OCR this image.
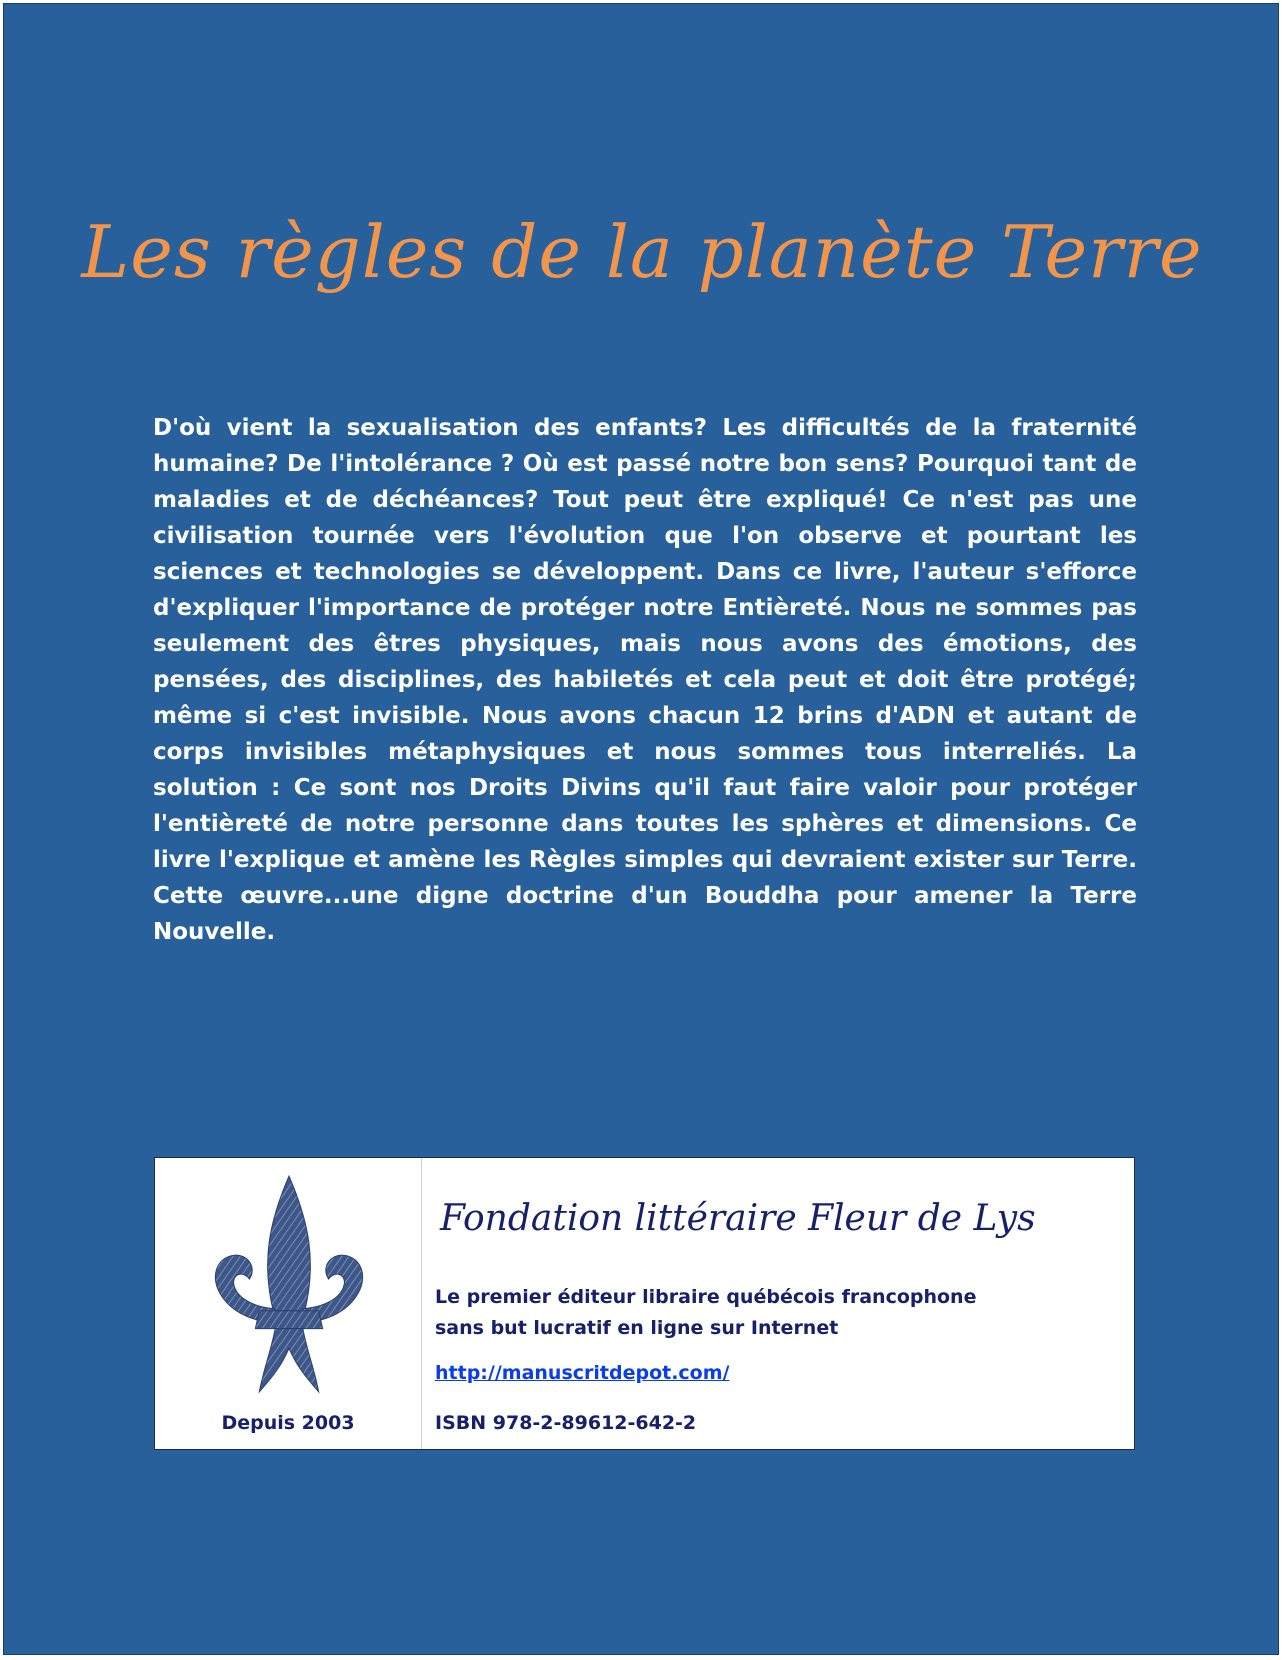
Les règles de la planète Terre

D'où vient la sexualisation des enfants? Les difficultés de la fraternité humaine? De l'intolérance ? Où est passé notre bon sens? Pourquoi tant de maladies et de déchéances? Tout peut être expliqué! Ce n'est pas une civilisation tournée vers l'évolution que l'on observe et pourtant les sciences et technologies se développent. Dans ce livre, l'auteur s'efforce d'expliquer l'importance de protéger notre Entièreté. Nous ne sommes pas seulement des êtres physiques, mais nous avons des émotions, des pensées, des disciplines, des habiletés et cela peut et doit être protégé; même si c'est invisible. Nous avons chacun 12 brins d'ADN et autant de corps invisibles métaphysiques et nous sommes tous interreliés. La solution : Ce sont nos Droits Divins qu'il faut faire valoir pour protéger l'entièreté de notre personne dans toutes les sphères et dimensions. Ce livre l'explique et amène les Règles simples qui devraient exister sur Terre. Cette œuvre...une digne doctrine d'un Bouddha pour amener la Terre Nouvelle.

Depuis 2003
Fondation littéraire Fleur de Lys

Le premier éditeur libraire québécois francophone
sans but lucratif en ligne sur Internet

http://manuscritdepot.com/
ISBN 978-2-89612-642-2
